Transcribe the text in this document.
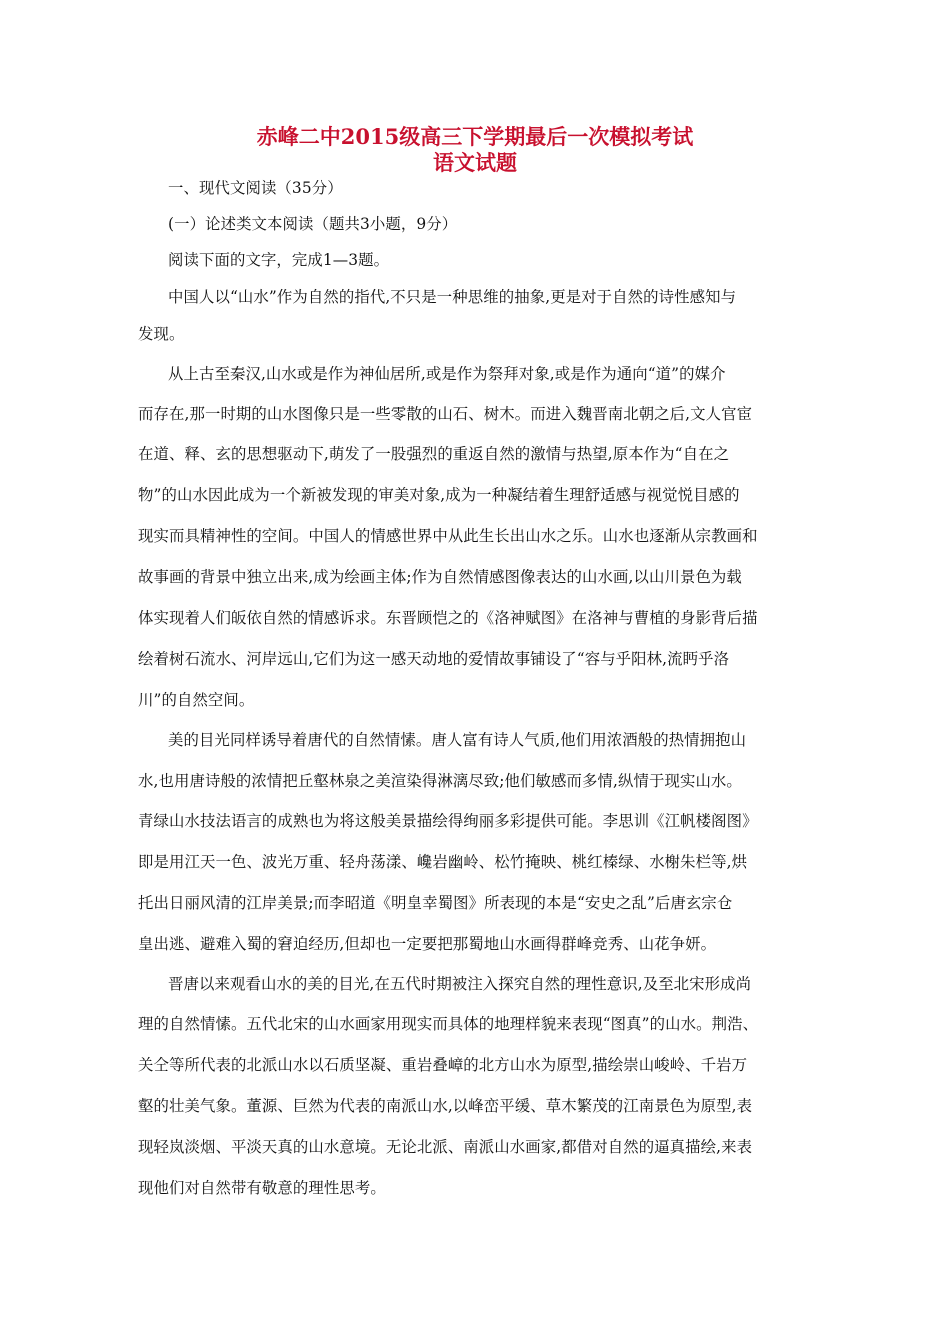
赤峰二中2015级高三下学期最后一次模拟考试
语文试题
一、现代文阅读（35分）
(一）论述类文本阅读（题共3小题，9分）
阅读下面的文字，完成1—3题。
中国人以“山水”作为自然的指代,不只是一种思维的抽象,更是对于自然的诗性感知与
发现。
从上古至秦汉,山水或是作为神仙居所,或是作为祭拜对象,或是作为通向“道”的媒介
而存在,那一时期的山水图像只是一些零散的山石、树木。而进入魏晋南北朝之后,文人官宦
在道、释、玄的思想驱动下,萌发了一股强烈的重返自然的激情与热望,原本作为“自在之
物”的山水因此成为一个新被发现的审美对象,成为一种凝结着生理舒适感与视觉悦目感的
现实而具精神性的空间。中国人的情感世界中从此生长出山水之乐。山水也逐渐从宗教画和
故事画的背景中独立出来,成为绘画主体;作为自然情感图像表达的山水画,以山川景色为载
体实现着人们皈依自然的情感诉求。东晋顾恺之的《洛神赋图》在洛神与曹植的身影背后描
绘着树石流水、河岸远山,它们为这一感天动地的爱情故事铺设了“容与乎阳林,流眄乎洛
川”的自然空间。
美的目光同样诱导着唐代的自然情愫。唐人富有诗人气质,他们用浓酒般的热情拥抱山
水,也用唐诗般的浓情把丘壑林泉之美渲染得淋漓尽致;他们敏感而多情,纵情于现实山水。
青绿山水技法语言的成熟也为将这般美景描绘得绚丽多彩提供可能。李思训《江帆楼阁图》
即是用江天一色、波光万重、轻舟荡漾、巉岩幽岭、松竹掩映、桃红榛绿、水榭朱栏等,烘
托出日丽风清的江岸美景;而李昭道《明皇幸蜀图》所表现的本是“安史之乱”后唐玄宗仓
皇出逃、避难入蜀的窘迫经历,但却也一定要把那蜀地山水画得群峰竞秀、山花争妍。
晋唐以来观看山水的美的目光,在五代时期被注入探究自然的理性意识,及至北宋形成尚
理的自然情愫。五代北宋的山水画家用现实而具体的地理样貌来表现“图真”的山水。荆浩、
关仝等所代表的北派山水以石质坚凝、重岩叠嶂的北方山水为原型,描绘崇山峻岭、千岩万
壑的壮美气象。董源、巨然为代表的南派山水,以峰峦平缓、草木繁茂的江南景色为原型,表
现轻岚淡烟、平淡天真的山水意境。无论北派、南派山水画家,都借对自然的逼真描绘,来表
现他们对自然带有敬意的理性思考。
